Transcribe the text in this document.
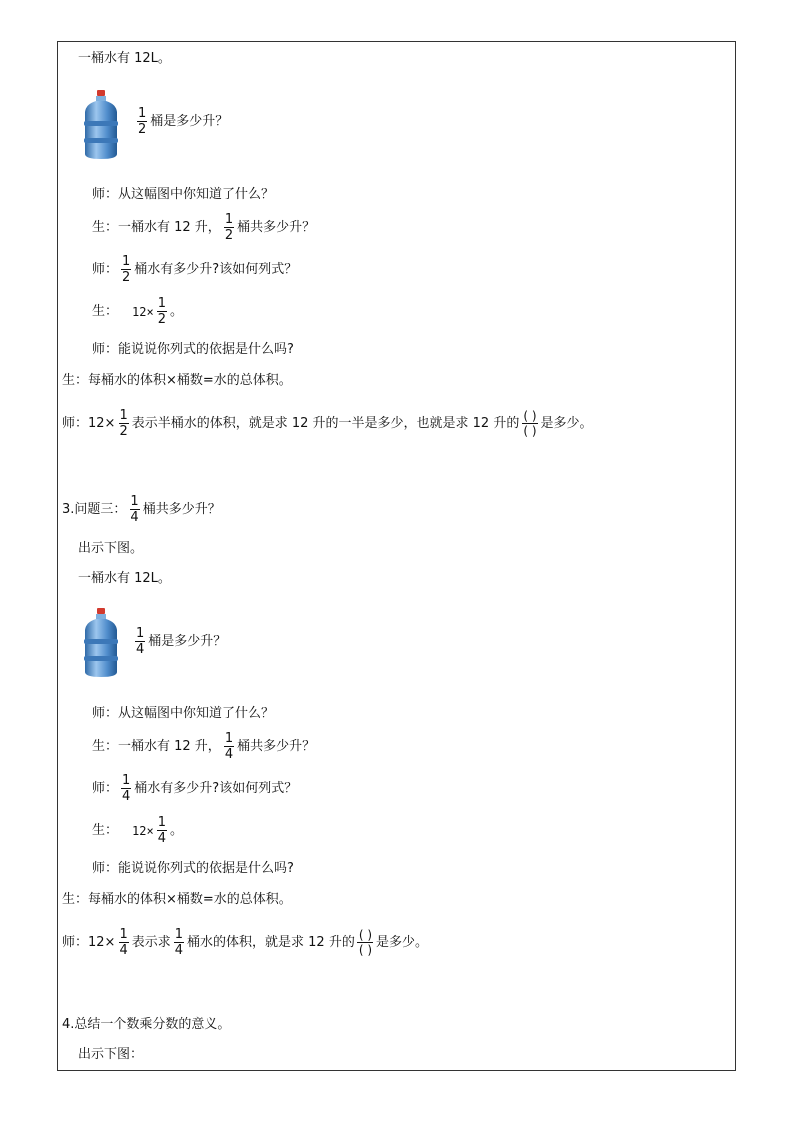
一桶水有 12L。
$\frac{1}{2}$ 桶是多少升？
师：从这幅图中你知道了什么？
生：一桶水有 12 升， $\frac{1}{2}$ 桶共多少升？
师： $\frac{1}{2}$ 桶水有多少升?该如何列式？
生： $12\times \frac{1}{2}$ 。
师：能说说你列式的依据是什么吗?
生：每桶水的体积×桶数=水的总体积。
师：$12\times \frac{1}{2}$ 表示半桶水的体积，就是求 12 升的一半是多少，也就是求 12 升的 $\frac{( )}{( )}$ 是多少。
3.问题三： $\frac{1}{4}$ 桶共多少升？
出示下图。
一桶水有 12L。
$\frac{1}{4}$ 桶是多少升？
师：从这幅图中你知道了什么？
生：一桶水有 12 升， $\frac{1}{4}$ 桶共多少升？
师： $\frac{1}{4}$ 桶水有多少升?该如何列式？
生： $12\times \frac{1}{4}$ 。
师：能说说你列式的依据是什么吗?
生：每桶水的体积×桶数=水的总体积。
师：$12\times \frac{1}{4}$ 表示求 $\frac{1}{4}$ 桶水的体积，就是求 12 升的 $\frac{( )}{( )}$ 是多少。
4.总结一个数乘分数的意义。
出示下图：
